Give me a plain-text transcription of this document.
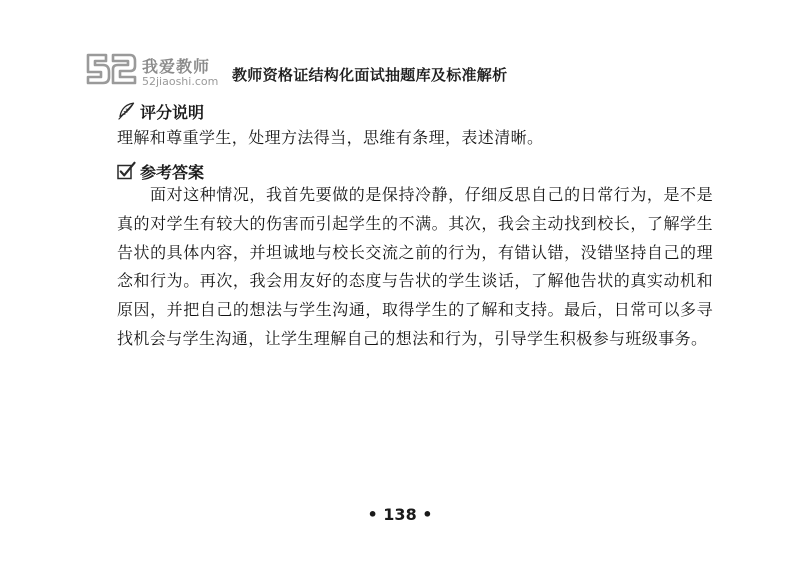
我爱教师
52jiaoshi.com 教师资格证结构化面试抽题库及标准解析
评分说明

理解和尊重学生，处理方法得当，思维有条理，表述清晰。

参考答案

面对这种情况，我首先要做的是保持冷静，仔细反思自己的日常行为，是不是真的对学生有较大的伤害而引起学生的不满。其次，我会主动找到校长，了解学生告状的具体内容，并坦诚地与校长交流之前的行为，有错认错，没错坚持自己的理念和行为。再次，我会用友好的态度与告状的学生谈话，了解他告状的真实动机和原因，并把自己的想法与学生沟通，取得学生的了解和支持。最后，日常可以多寻找机会与学生沟通，让学生理解自己的想法和行为，引导学生积极参与班级事务。

• 138 •
